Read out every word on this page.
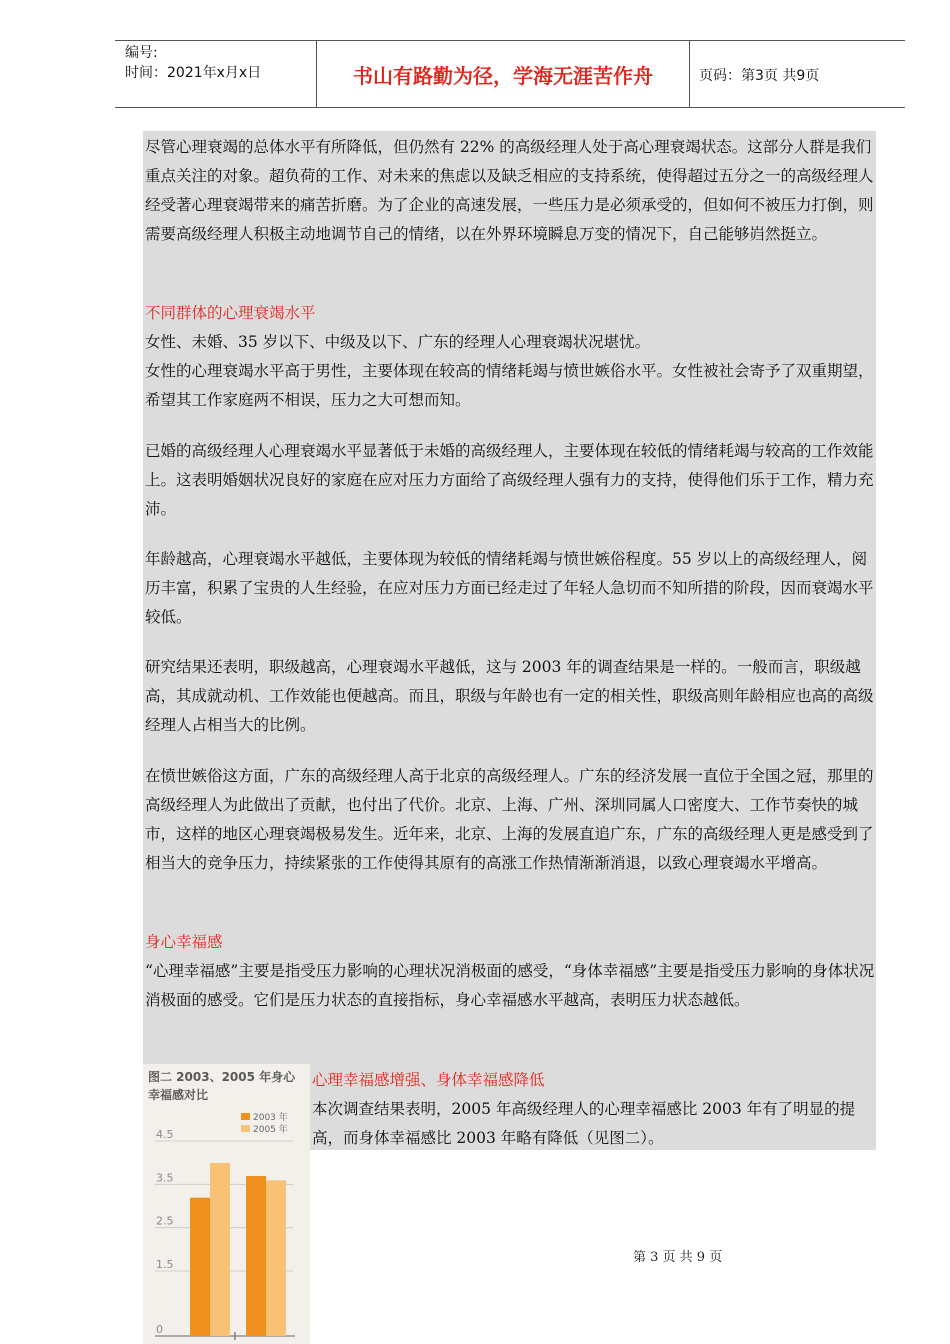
编号:
时间：2021年x月x日	书山有路勤为径，学海无涯苦作舟	页码：第3页 共9页

尽管心理衰竭的总体水平有所降低，但仍然有 22% 的高级经理人处于高心理衰竭状态。这部分人群是我们重点关注的对象。超负荷的工作、对未来的焦虑以及缺乏相应的支持系统，使得超过五分之一的高级经理人经受著心理衰竭带来的痛苦折磨。为了企业的高速发展，一些压力是必须承受的，但如何不被压力打倒，则需要高级经理人积极主动地调节自己的情绪，以在外界环境瞬息万变的情况下，自己能够岿然挺立。

不同群体的心理衰竭水平

女性、未婚、35 岁以下、中级及以下、广东的经理人心理衰竭状况堪忧。

女性的心理衰竭水平高于男性，主要体现在较高的情绪耗竭与愤世嫉俗水平。女性被社会寄予了双重期望，希望其工作家庭两不相误，压力之大可想而知。

已婚的高级经理人心理衰竭水平显著低于未婚的高级经理人，主要体现在较低的情绪耗竭与较高的工作效能上。这表明婚姻状况良好的家庭在应对压力方面给了高级经理人强有力的支持，使得他们乐于工作，精力充沛。

年龄越高，心理衰竭水平越低，主要体现为较低的情绪耗竭与愤世嫉俗程度。55 岁以上的高级经理人，阅历丰富，积累了宝贵的人生经验，在应对压力方面已经走过了年轻人急切而不知所措的阶段，因而衰竭水平较低。

研究结果还表明，职级越高，心理衰竭水平越低，这与 2003 年的调查结果是一样的。一般而言，职级越高，其成就动机、工作效能也便越高。而且，职级与年龄也有一定的相关性，职级高则年龄相应也高的高级经理人占相当大的比例。

在愤世嫉俗这方面，广东的高级经理人高于北京的高级经理人。广东的经济发展一直位于全国之冠，那里的高级经理人为此做出了贡献，也付出了代价。北京、上海、广州、深圳同属人口密度大、工作节奏快的城市，这样的地区心理衰竭极易发生。近年来，北京、上海的发展直追广东，广东的高级经理人更是感受到了相当大的竞争压力，持续紧张的工作使得其原有的高涨工作热情渐渐消退，以致心理衰竭水平增高。

身心幸福感

“心理幸福感”主要是指受压力影响的心理状况消极面的感受，“身体幸福感”主要是指受压力影响的身体状况消极面的感受。它们是压力状态的直接指标，身心幸福感水平越高，表明压力状态越低。

心理幸福感增强、身体幸福感降低

本次调查结果表明，2005 年高级经理人的心理幸福感比 2003 年有了明显的提高，而身体幸福感比 2003 年略有降低（见图二）。

图二 2003、2005 年身心幸福感对比
4.5
3.5
2.5
1.5
0
2003 年
2005 年
第 3 页 共 9 页
